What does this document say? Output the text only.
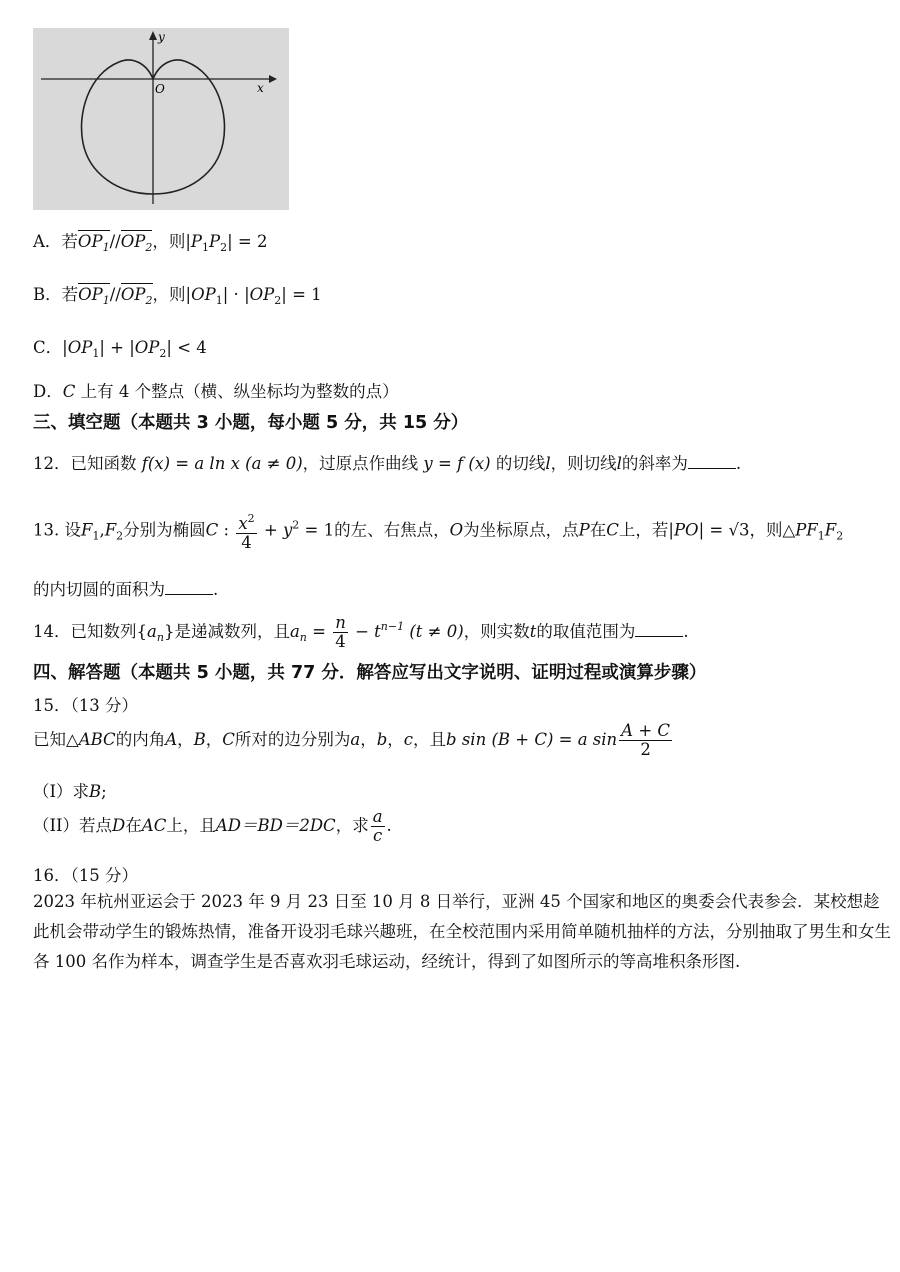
y
x
O
A．若$OP_1//OP_2$，则$|P_1P_2| = 2$
B．若$OP_1//OP_2$，则$|OP_1| \cdot |OP_2| = 1$
C．$|OP_1| + |OP_2| < 4$
D．C 上有 4 个整点（横、纵坐标均为整数的点）
三、填空题（本题共 3 小题，每小题 5 分，共 15 分）
12．已知函数 f(x) = a ln x (a ≠ 0)，过原点作曲线 y = f (x) 的切线l，则切线l的斜率为	.
13. 设$F_1,F_2$分别为椭圆C : $\frac{x^2}{4} + y^2 = 1$的左、右焦点，O为坐标原点，点P在C上，若|PO| = √3，则$\triangle PF_1F_2$
的内切圆的面积为	.
14．已知数列$\{a_n\}$是递减数列，且$a_n = \frac{n}{4} - t^{n-1}$ (t ≠ 0)，则实数t的取值范围为	.
四、解答题（本题共 5 小题，共 77 分．解答应写出文字说明、证明过程或演算步骤）
15．（13 分）
已知△ABC的内角A，B，C所对的边分别为a，b，c，且b sin (B + C) = a $\sin \frac{A + C}{2}$
（I）求B;
（II）若点D在AC上，且AD＝BD＝2DC，求 $\frac{a}{c}$ .
16．（15 分）
2023 年杭州亚运会于 2023 年 9 月 23 日至 10 月 8 日举行，亚洲 45 个国家和地区的奥委会代表参会．某校想趁此机会带动学生的锻炼热情，准备开设羽毛球兴趣班，在全校范围内采用简单随机抽样的方法，分别抽取了男生和女生各 100 名作为样本，调查学生是否喜欢羽毛球运动，经统计，得到了如图所示的等高堆积条形图.
